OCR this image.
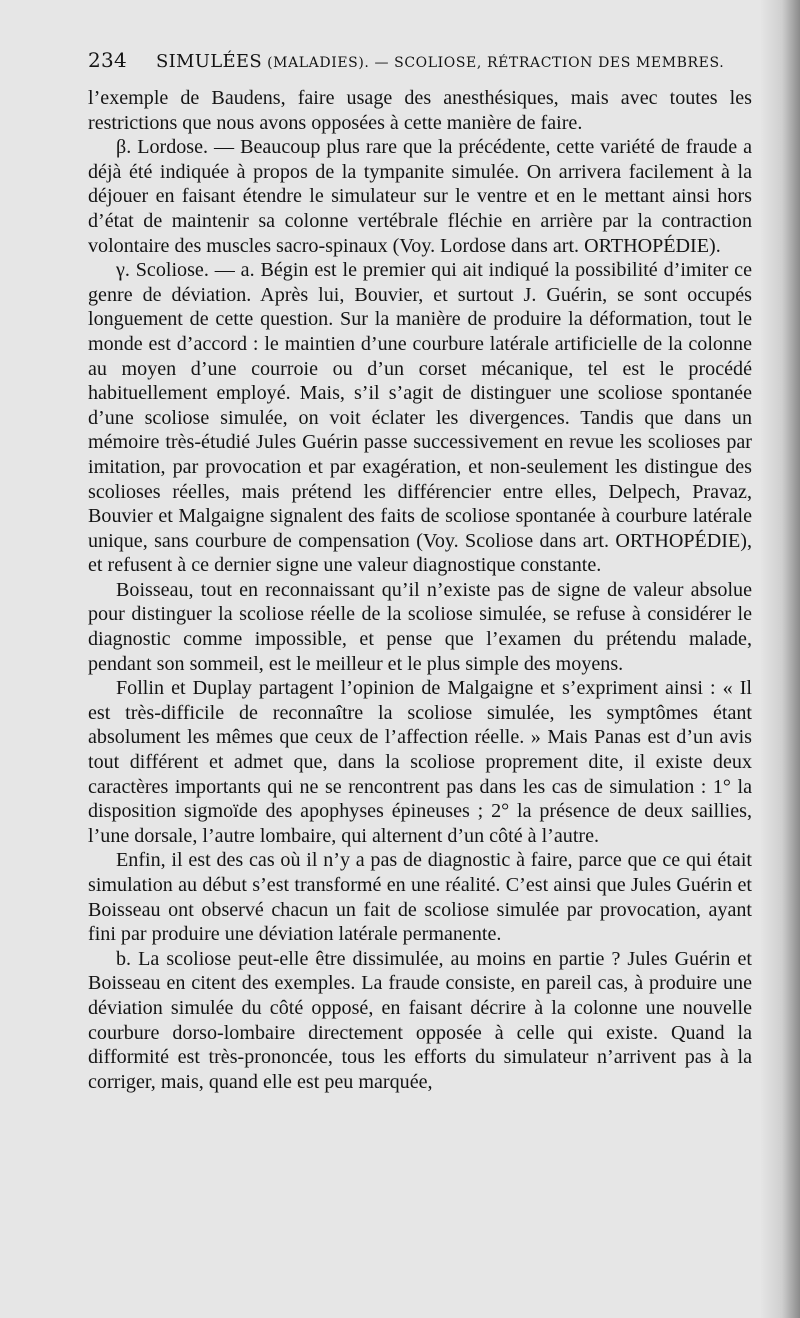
234	SIMULÉES (MALADIES). — SCOLIOSE, RÉTRACTION DES MEMBRES.

l’exemple de Baudens, faire usage des anesthésiques, mais avec toutes les restrictions que nous avons opposées à cette manière de faire.

β. Lordose. — Beaucoup plus rare que la précédente, cette variété de fraude a déjà été indiquée à propos de la tympanite simulée. On arrivera facilement à la déjouer en faisant étendre le simulateur sur le ventre et en le mettant ainsi hors d’état de maintenir sa colonne vertébrale fléchie en arrière par la contraction volontaire des muscles sacro-spinaux (Voy. Lordose dans art. ORTHOPÉDIE).

γ. Scoliose. — a. Bégin est le premier qui ait indiqué la possibilité d’imiter ce genre de déviation. Après lui, Bouvier, et surtout J. Guérin, se sont occupés longuement de cette question. Sur la manière de produire la déformation, tout le monde est d’accord : le maintien d’une courbure latérale artificielle de la colonne au moyen d’une courroie ou d’un corset mécanique, tel est le procédé habituellement employé. Mais, s’il s’agit de distinguer une scoliose spontanée d’une scoliose simulée, on voit éclater les divergences. Tandis que dans un mémoire très-étudié Jules Guérin passe successivement en revue les scolioses par imitation, par provocation et par exagération, et non-seulement les distingue des scolioses réelles, mais prétend les différencier entre elles, Delpech, Pravaz, Bouvier et Malgaigne signalent des faits de scoliose spontanée à courbure latérale unique, sans courbure de compensation (Voy. Scoliose dans art. ORTHOPÉDIE), et refusent à ce dernier signe une valeur diagnostique constante.

Boisseau, tout en reconnaissant qu’il n’existe pas de signe de valeur absolue pour distinguer la scoliose réelle de la scoliose simulée, se refuse à considérer le diagnostic comme impossible, et pense que l’examen du prétendu malade, pendant son sommeil, est le meilleur et le plus simple des moyens.

Follin et Duplay partagent l’opinion de Malgaigne et s’expriment ainsi : « Il est très-difficile de reconnaître la scoliose simulée, les symptômes étant absolument les mêmes que ceux de l’affection réelle. » Mais Panas est d’un avis tout différent et admet que, dans la scoliose proprement dite, il existe deux caractères importants qui ne se rencontrent pas dans les cas de simulation : 1° la disposition sigmoïde des apophyses épineuses ; 2° la présence de deux saillies, l’une dorsale, l’autre lombaire, qui alternent d’un côté à l’autre.

Enfin, il est des cas où il n’y a pas de diagnostic à faire, parce que ce qui était simulation au début s’est transformé en une réalité. C’est ainsi que Jules Guérin et Boisseau ont observé chacun un fait de scoliose simulée par provocation, ayant fini par produire une déviation latérale permanente.

b. La scoliose peut-elle être dissimulée, au moins en partie ? Jules Guérin et Boisseau en citent des exemples. La fraude consiste, en pareil cas, à produire une déviation simulée du côté opposé, en faisant décrire à la colonne une nouvelle courbure dorso-lombaire directement opposée à celle qui existe. Quand la difformité est très-prononcée, tous les efforts du simulateur n’arrivent pas à la corriger, mais, quand elle est peu marquée,
